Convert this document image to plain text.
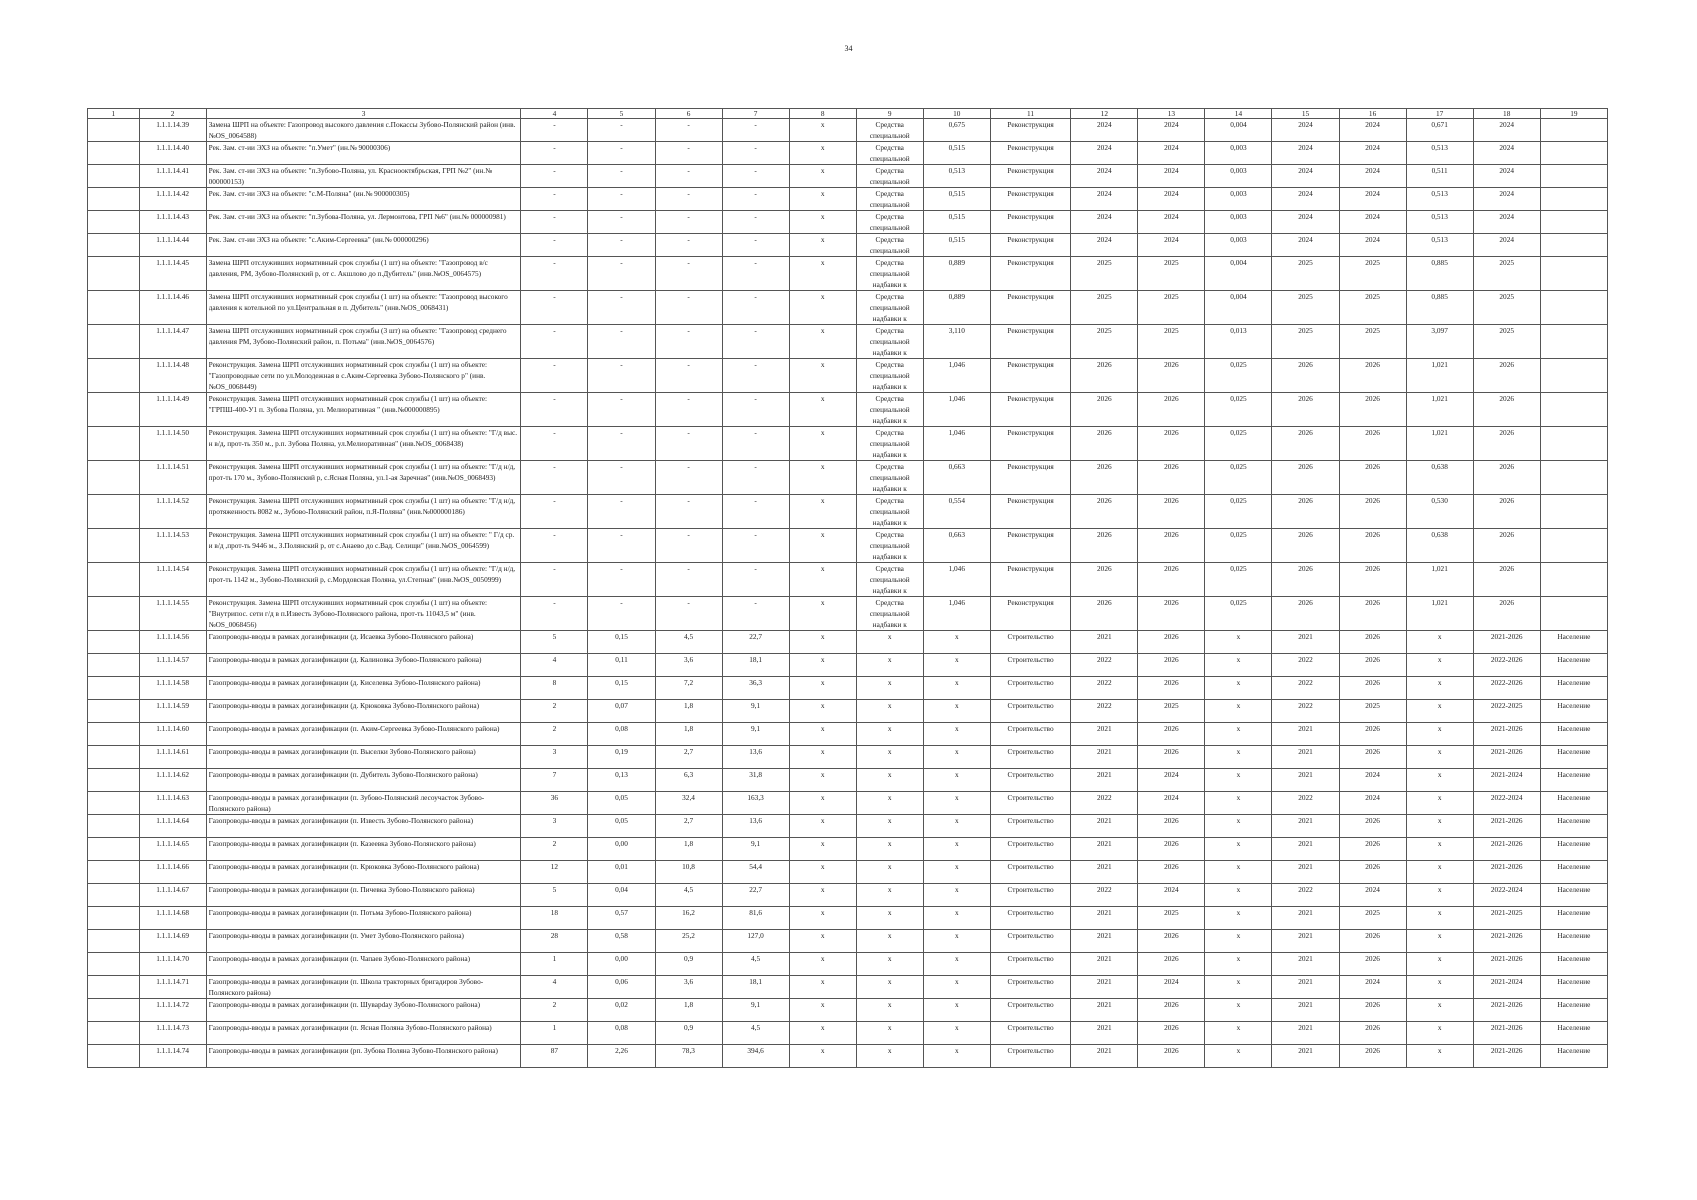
34
1	2	3	4	5	6	7	8	9	10	11	12	13	14	15	16	17	18	19
	1.1.1.14.39	Замена ШРП на объекте: Газопровод высокого давления с.Покассы Зубово-Полянский район (инв.№OS_0064588)	-	-	-	-	х	Средства специальной	0,675	Реконструкция	2024	2024	0,004	2024	2024	0,671	2024	
	1.1.1.14.40	Рек. Зам. ст-ии ЭХЗ на объекте: "п.Умет" (ин.№ 90000306)	-	-	-	-	х	Средства специальной	0,515	Реконструкция	2024	2024	0,003	2024	2024	0,513	2024	
	1.1.1.14.41	Рек. Зам. ст-ии ЭХЗ на объекте: "п.Зубово-Поляна, ул. Красноoктябрьская, ГРП №2" (ин.№ 000000153)	-	-	-	-	х	Средства специальной	0,513	Реконструкция	2024	2024	0,003	2024	2024	0,511	2024	
	1.1.1.14.42	Рек. Зам. ст-ии ЭХЗ на объекте: "с.М-Поляна" (ин.№ 900000305)	-	-	-	-	х	Средства специальной	0,515	Реконструкция	2024	2024	0,003	2024	2024	0,513	2024	
	1.1.1.14.43	Рек. Зам. ст-ии ЭХЗ на объекте: "п.Зубова-Поляна, ул. Лермонтова, ГРП №6" (ин.№ 000000981)	-	-	-	-	х	Средства специальной	0,515	Реконструкция	2024	2024	0,003	2024	2024	0,513	2024	
	1.1.1.14.44	Рек. Зам. ст-ии ЭХЗ на объекте: "с.Аким-Сергеевка" (ин.№ 000000296)	-	-	-	-	х	Средства специальной	0,515	Реконструкция	2024	2024	0,003	2024	2024	0,513	2024	
	1.1.1.14.45	Замена ШРП отслуживших нормативный срок службы (1 шт) на объекте: "Газопровод в/с давления, РМ, Зубово-Полянский р, от с. Акшлово до п.Дубитель" (инв.№OS_0064575)	-	-	-	-	х	Средства специальной надбавки к	0,889	Реконструкция	2025	2025	0,004	2025	2025	0,885	2025	
	1.1.1.14.46	Замена ШРП отслуживших нормативный срок службы (1 шт) на объекте: "Газопровод высокого давления к котельной по ул.Центральная в п. Дубитель" (инв.№OS_0068431)	-	-	-	-	х	Средства специальной надбавки к	0,889	Реконструкция	2025	2025	0,004	2025	2025	0,885	2025	
	1.1.1.14.47	Замена ШРП отслуживших нормативный срок службы (3 шт) на объекте: "Газопровод среднего давления РМ, Зубово-Полянский район, п. Потьма" (инв.№OS_0064576)	-	-	-	-	х	Средства специальной надбавки к	3,110	Реконструкция	2025	2025	0,013	2025	2025	3,097	2025	
	1.1.1.14.48	Реконструкция. Замена ШРП отслуживших нормативный срок службы (1 шт) на объекте: "Газопроводные сети по ул.Молодежная в с.Аким-Сергеевка Зубово-Полянского р" (инв.№OS_0068449)	-	-	-	-	х	Средства специальной надбавки к	1,046	Реконструкция	2026	2026	0,025	2026	2026	1,021	2026	
	1.1.1.14.49	Реконструкция. Замена ШРП отслуживших нормативный срок службы (1 шт) на объекте: "ГРПШ-400-У1 п. Зубова Поляна, ул. Мелиоративная " (инв.№000000895)	-	-	-	-	х	Средства специальной надбавки к	1,046	Реконструкция	2026	2026	0,025	2026	2026	1,021	2026	
	1.1.1.14.50	Реконструкция. Замена ШРП отслуживших нормативный срок службы (1 шт) на объекте: "Г/д выс. н в/д, прот-ть 350 м., р.п. Зубова Поляна, ул.Мелиоративная" (инв.№OS_0068438)	-	-	-	-	х	Средства специальной надбавки к	1,046	Реконструкция	2026	2026	0,025	2026	2026	1,021	2026	
	1.1.1.14.51	Реконструкция. Замена ШРП отслуживших нормативный срок службы (1 шт) на объекте: "Г/д н/д, прот-ть 170 м., Зубово-Полянский р, с.Ясная Поляна, ул.1-ая Заречная" (инв.№OS_0068493)	-	-	-	-	х	Средства специальной надбавки к	0,663	Реконструкция	2026	2026	0,025	2026	2026	0,638	2026	
	1.1.1.14.52	Реконструкция. Замена ШРП отслуживших нормативный срок службы (1 шт) на объекте: "Г/д н/д, протяженность 8082 м., Зубово-Полянский район, п.Я-Поляна" (инв.№000000186)	-	-	-	-	х	Средства специальной надбавки к	0,554	Реконструкция	2026	2026	0,025	2026	2026	0,530	2026	
	1.1.1.14.53	Реконструкция. Замена ШРП отслуживших нормативный срок службы (1 шт) на объекте: " Г/д ср. и в/д ,прот-ть 9446 м., З.Полянский р, от с.Анаево до с.Вад. Селищи" (инв.№OS_0064599)	-	-	-	-	х	Средства специальной надбавки к	0,663	Реконструкция	2026	2026	0,025	2026	2026	0,638	2026	
	1.1.1.14.54	Реконструкция. Замена ШРП отслуживших нормативный срок службы (1 шт) на объекте: "Г/д н/д, прот-ть 1142 м., Зубово-Полянский р, с.Мордовская Поляна, ул.Степная" (инв.№OS_0050999)	-	-	-	-	х	Средства специальной надбавки к	1,046	Реконструкция	2026	2026	0,025	2026	2026	1,021	2026	
	1.1.1.14.55	Реконструкция. Замена ШРП отслуживших нормативный срок службы (1 шт) на объекте: "Внутрипос. сети г/д в п.Известь Зубово-Полянского района, прот-ть 11043,5 м" (инв.№OS_0068456)	-	-	-	-	х	Средства специальной надбавки к	1,046	Реконструкция	2026	2026	0,025	2026	2026	1,021	2026	
	1.1.1.14.56	Газопроводы-вводы в рамках догазификации (д. Исаевка Зубово-Полянского района)	5	0,15	4,5	22,7	х	х	х	Строительство	2021	2026	х	2021	2026	х	2021-2026	Население
	1.1.1.14.57	Газопроводы-вводы в рамках догазификации (д. Калиновка Зубово-Полянского района)	4	0,11	3,6	18,1	х	х	х	Строительство	2022	2026	х	2022	2026	х	2022-2026	Население
	1.1.1.14.58	Газопроводы-вводы в рамках догазификации (д. Киселевка Зубово-Полянского района)	8	0,15	7,2	36,3	х	х	х	Строительство	2022	2026	х	2022	2026	х	2022-2026	Население
	1.1.1.14.59	Газопроводы-вводы в рамках догазификации (д. Крюковка Зубово-Полянского района)	2	0,07	1,8	9,1	х	х	х	Строительство	2022	2025	х	2022	2025	х	2022-2025	Население
	1.1.1.14.60	Газопроводы-вводы в рамках догазификации (п. Аким-Сергеевка Зубово-Полянского района)	2	0,08	1,8	9,1	х	х	х	Строительство	2021	2026	х	2021	2026	х	2021-2026	Население
	1.1.1.14.61	Газопроводы-вводы в рамках догазификации (п. Выселки Зубово-Полянского района)	3	0,19	2,7	13,6	х	х	х	Строительство	2021	2026	х	2021	2026	х	2021-2026	Население
	1.1.1.14.62	Газопроводы-вводы в рамках догазификации (п. Дубитель Зубово-Полянского района)	7	0,13	6,3	31,8	х	х	х	Строительство	2021	2024	х	2021	2024	х	2021-2024	Население
	1.1.1.14.63	Газопроводы-вводы в рамках догазификации (п. Зубово-Полянский лесоучасток Зубово-Полянского района)	36	0,05	32,4	163,3	х	х	х	Строительство	2022	2024	х	2022	2024	х	2022-2024	Население
	1.1.1.14.64	Газопроводы-вводы в рамках догазификации (п. Известь Зубово-Полянского района)	3	0,05	2,7	13,6	х	х	х	Строительство	2021	2026	х	2021	2026	х	2021-2026	Население
	1.1.1.14.65	Газопроводы-вводы в рамках догазификации (п. Казеевка Зубово-Полянского района)	2	0,00	1,8	9,1	х	х	х	Строительство	2021	2026	х	2021	2026	х	2021-2026	Население
	1.1.1.14.66	Газопроводы-вводы в рамках догазификации (п. Крюковка Зубово-Полянского района)	12	0,01	10,8	54,4	х	х	х	Строительство	2021	2026	х	2021	2026	х	2021-2026	Население
	1.1.1.14.67	Газопроводы-вводы в рамках догазификации (п. Пичевка Зубово-Полянского района)	5	0,04	4,5	22,7	х	х	х	Строительство	2022	2024	х	2022	2024	х	2022-2024	Население
	1.1.1.14.68	Газопроводы-вводы в рамках догазификации (п. Потьма Зубово-Полянского района)	18	0,57	16,2	81,6	х	х	х	Строительство	2021	2025	х	2021	2025	х	2021-2025	Население
	1.1.1.14.69	Газопроводы-вводы в рамках догазификации (п. Умет Зубово-Полянского района)	28	0,58	25,2	127,0	х	х	х	Строительство	2021	2026	х	2021	2026	х	2021-2026	Население
	1.1.1.14.70	Газопроводы-вводы в рамках догазификации (п. Чапаев Зубово-Полянского района)	1	0,00	0,9	4,5	х	х	х	Строительство	2021	2026	х	2021	2026	х	2021-2026	Население
	1.1.1.14.71	Газопроводы-вводы в рамках догазификации (п. Школа тракторных бригадиров Зубово-Полянского района)	4	0,06	3,6	18,1	х	х	х	Строительство	2021	2024	х	2021	2024	х	2021-2024	Население
	1.1.1.14.72	Газопроводы-вводы в рамках догазификации (п. Шуварday Зубово-Полянского района)	2	0,02	1,8	9,1	х	х	х	Строительство	2021	2026	х	2021	2026	х	2021-2026	Население
	1.1.1.14.73	Газопроводы-вводы в рамках догазификации (п. Ясная Поляна Зубово-Полянского района)	1	0,08	0,9	4,5	х	х	х	Строительство	2021	2026	х	2021	2026	х	2021-2026	Население
	1.1.1.14.74	Газопроводы-вводы в рамках догазификации (рп. Зубова Поляна Зубово-Полянского района)	87	2,26	78,3	394,6	х	х	х	Строительство	2021	2026	х	2021	2026	х	2021-2026	Население
